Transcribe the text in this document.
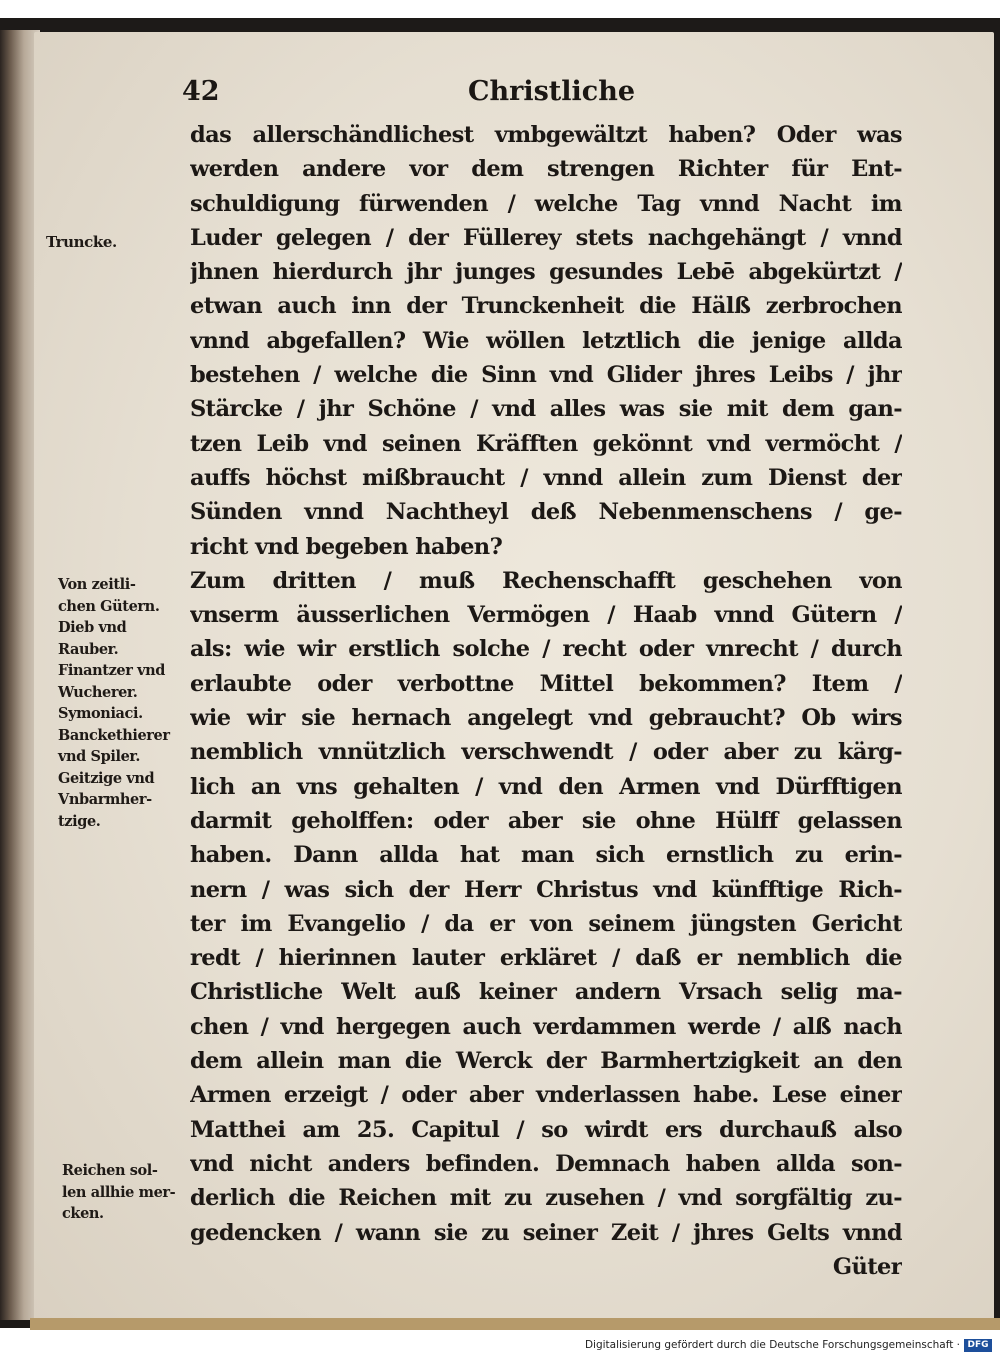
42	Christliche
das allerschändlichest vmbgewältzt haben? Oder was
werden andere vor dem strengen Richter für Ent-
schuldigung fürwenden / welche Tag vnnd Nacht im
Luder gelegen / der Füllerey stets nachgehängt / vnnd
jhnen hierdurch jhr junges gesundes Lebē abgekürtzt /
etwan auch inn der Trunckenheit die Hälß zerbrochen
vnnd abgefallen? Wie wöllen letztlich die jenige allda
bestehen / welche die Sinn vnd Glider jhres Leibs / jhr
Stärcke / jhr Schöne / vnd alles was sie mit dem gan-
tzen Leib vnd seinen Kräfften gekönnt vnd vermöcht /
auffs höchst mißbraucht / vnnd allein zum Dienst der
Sünden vnnd Nachtheyl deß Nebenmenschens / ge-
richt vnd begeben haben?
Zum dritten / muß Rechenschafft geschehen von
vnserm äusserlichen Vermögen / Haab vnnd Gütern /
als: wie wir erstlich solche / recht oder vnrecht / durch
erlaubte oder verbottne Mittel bekommen? Item /
wie wir sie hernach angelegt vnd gebraucht? Ob wirs
nemblich vnnützlich verschwendt / oder aber zu kärg-
lich an vns gehalten / vnd den Armen vnd Dürfftigen
darmit geholffen: oder aber sie ohne Hülff gelassen
haben. Dann allda hat man sich ernstlich zu erin-
nern / was sich der Herr Christus vnd künfftige Rich-
ter im Evangelio / da er von seinem jüngsten Gericht
redt / hierinnen lauter erkläret / daß er nemblich die
Christliche Welt auß keiner andern Vrsach selig ma-
chen / vnd hergegen auch verdammen werde / alß nach
dem allein man die Werck der Barmhertzigkeit an den
Armen erzeigt / oder aber vnderlassen habe. Lese einer
Matthei am 25. Capitul / so wirdt ers durchauß also
vnd nicht anders befinden. Demnach haben allda son-
derlich die Reichen mit zu zusehen / vnd sorgfältig zu-
gedencken / wann sie zu seiner Zeit / jhres Gelts vnnd
Güter
Truncke.
Von zeitli-
chen Gütern.
Dieb vnd
Rauber.
Finantzer vnd
Wucherer.
Symoniaci.
Banckethierer
vnd Spiler.
Geitzige vnd
Vnbarmher-
tzige.
Reichen sol-
len allhie mer-
cken.
Digitalisierung gefördert durch die Deutsche Forschungsgemeinschaft · DFG
